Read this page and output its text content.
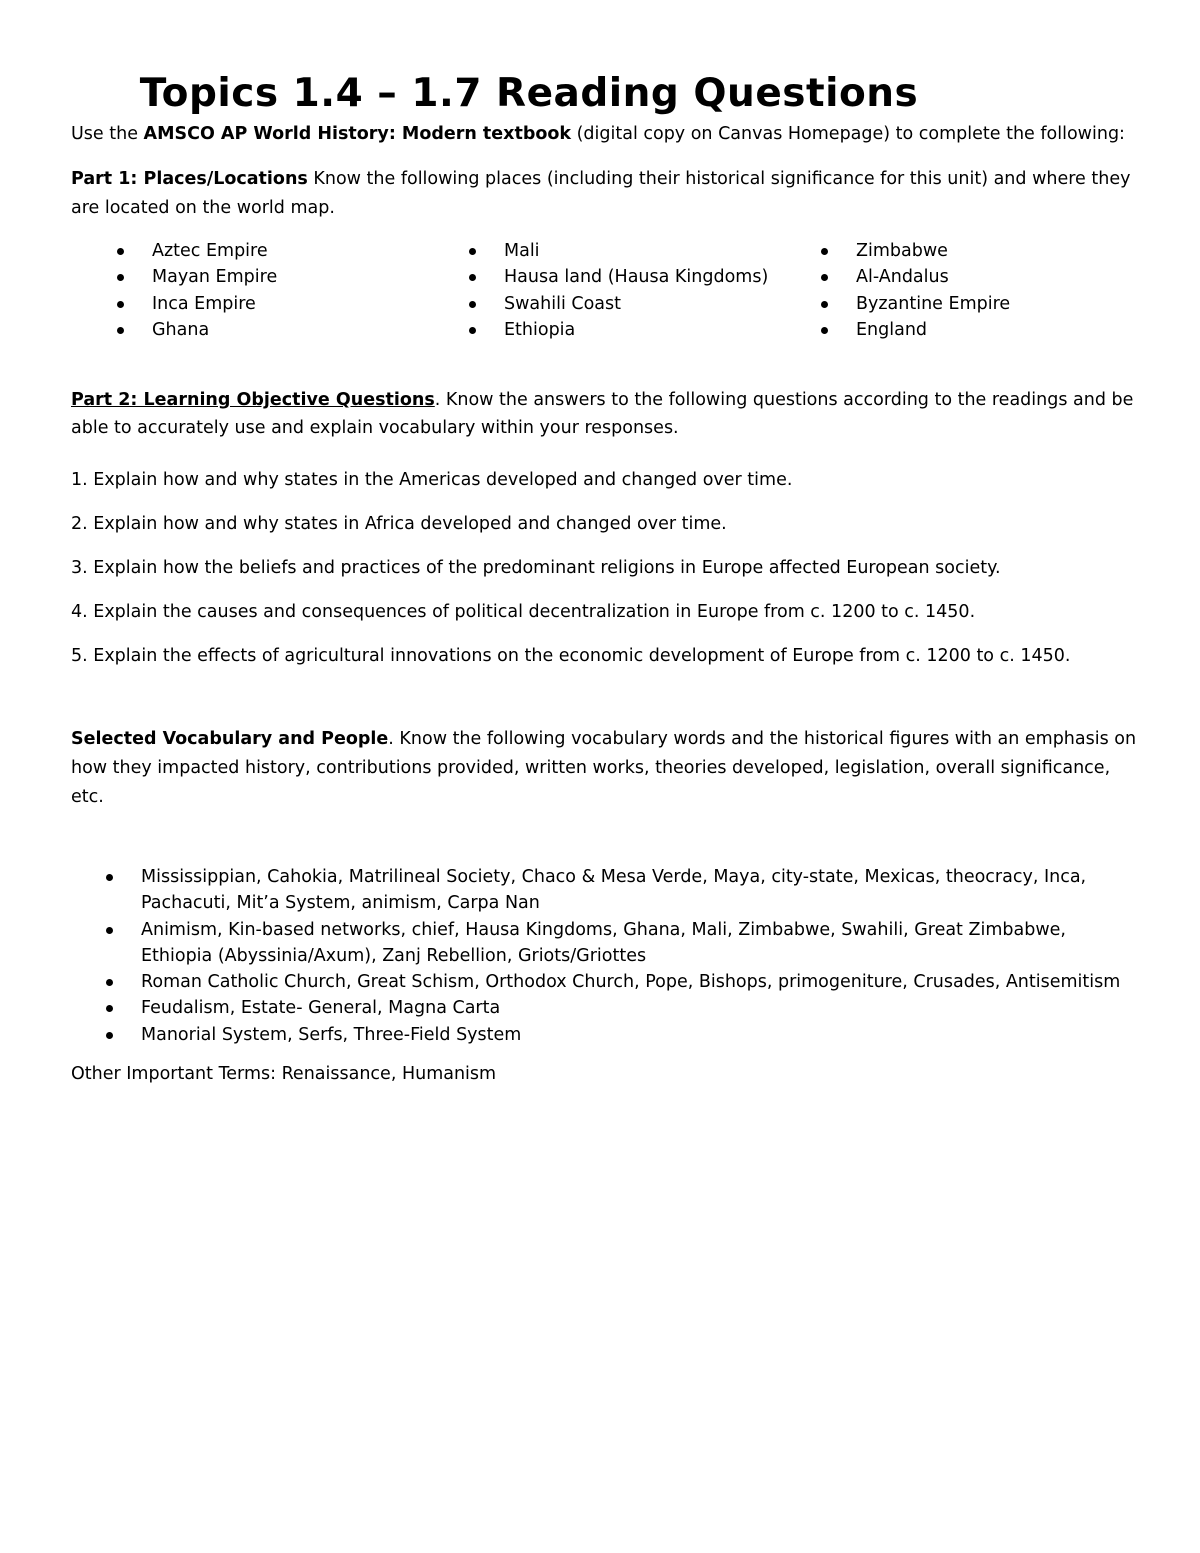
Topics 1.4 – 1.7 Reading Questions
Use the AMSCO AP World History: Modern textbook (digital copy on Canvas Homepage) to complete the following:
Part 1: Places/Locations Know the following places (including their historical significance for this unit) and where they
are located on the world map.
Aztec Empire
Mayan Empire
Inca Empire
Ghana
Mali
Hausa land (Hausa Kingdoms)
Swahili Coast
Ethiopia
Zimbabwe
Al-Andalus
Byzantine Empire
England
Part 2: Learning Objective Questions. Know the answers to the following questions according to the readings and be
able to accurately use and explain vocabulary within your responses.
1. Explain how and why states in the Americas developed and changed over time.
2. Explain how and why states in Africa developed and changed over time.
3. Explain how the beliefs and practices of the predominant religions in Europe affected European society.
4. Explain the causes and consequences of political decentralization in Europe from c. 1200 to c. 1450.
5. Explain the effects of agricultural innovations on the economic development of Europe from c. 1200 to c. 1450.
Selected Vocabulary and People. Know the following vocabulary words and the historical figures with an emphasis on
how they impacted history, contributions provided, written works, theories developed, legislation, overall significance,
etc.
Mississippian, Cahokia, Matrilineal Society, Chaco & Mesa Verde, Maya, city-state, Mexicas, theocracy, Inca,
Pachacuti, Mit’a System, animism, Carpa Nan
Animism, Kin-based networks, chief, Hausa Kingdoms, Ghana, Mali, Zimbabwe, Swahili, Great Zimbabwe,
Ethiopia (Abyssinia/Axum), Zanj Rebellion, Griots/Griottes
Roman Catholic Church, Great Schism, Orthodox Church, Pope, Bishops, primogeniture, Crusades, Antisemitism
Feudalism, Estate- General, Magna Carta
Manorial System, Serfs, Three-Field System
Other Important Terms: Renaissance, Humanism
